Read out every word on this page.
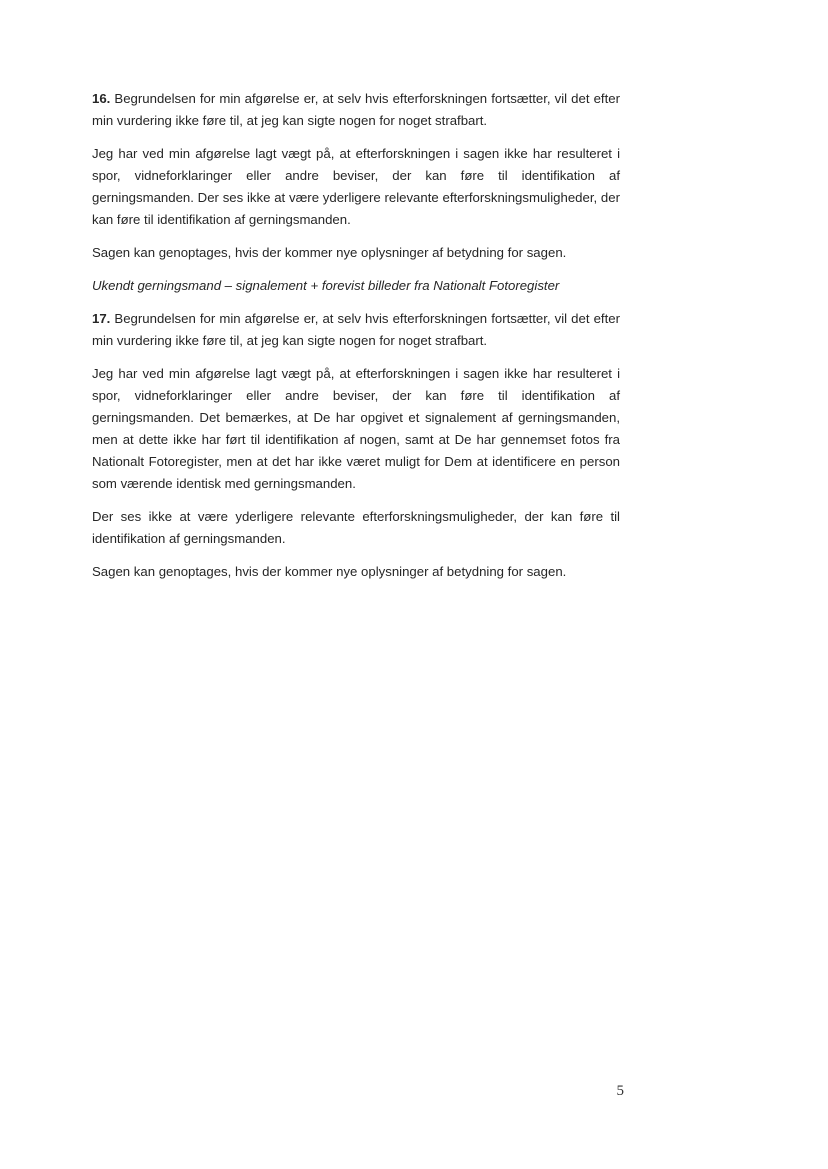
16. Begrundelsen for min afgørelse er, at selv hvis efterforskningen fortsætter, vil det efter min vurdering ikke føre til, at jeg kan sigte nogen for noget strafbart.

Jeg har ved min afgørelse lagt vægt på, at efterforskningen i sagen ikke har resulteret i spor, vidneforklaringer eller andre beviser, der kan føre til identifikation af gerningsmanden. Der ses ikke at være yderligere relevante efterforskningsmuligheder, der kan føre til identifikation af gerningsmanden.

Sagen kan genoptages, hvis der kommer nye oplysninger af betydning for sagen.

Ukendt gerningsmand – signalement + forevist billeder fra Nationalt Fotoregister

17. Begrundelsen for min afgørelse er, at selv hvis efterforskningen fortsætter, vil det efter min vurdering ikke føre til, at jeg kan sigte nogen for noget strafbart.

Jeg har ved min afgørelse lagt vægt på, at efterforskningen i sagen ikke har resulteret i spor, vidneforklaringer eller andre beviser, der kan føre til identifikation af gerningsmanden. Det bemærkes, at De har opgivet et signalement af gerningsmanden, men at dette ikke har ført til identifikation af nogen, samt at De har gennemset fotos fra Nationalt Fotoregister, men at det har ikke været muligt for Dem at identificere en person som værende identisk med gerningsmanden.

Der ses ikke at være yderligere relevante efterforskningsmuligheder, der kan føre til identifikation af gerningsmanden.

Sagen kan genoptages, hvis der kommer nye oplysninger af betydning for sagen.

5
